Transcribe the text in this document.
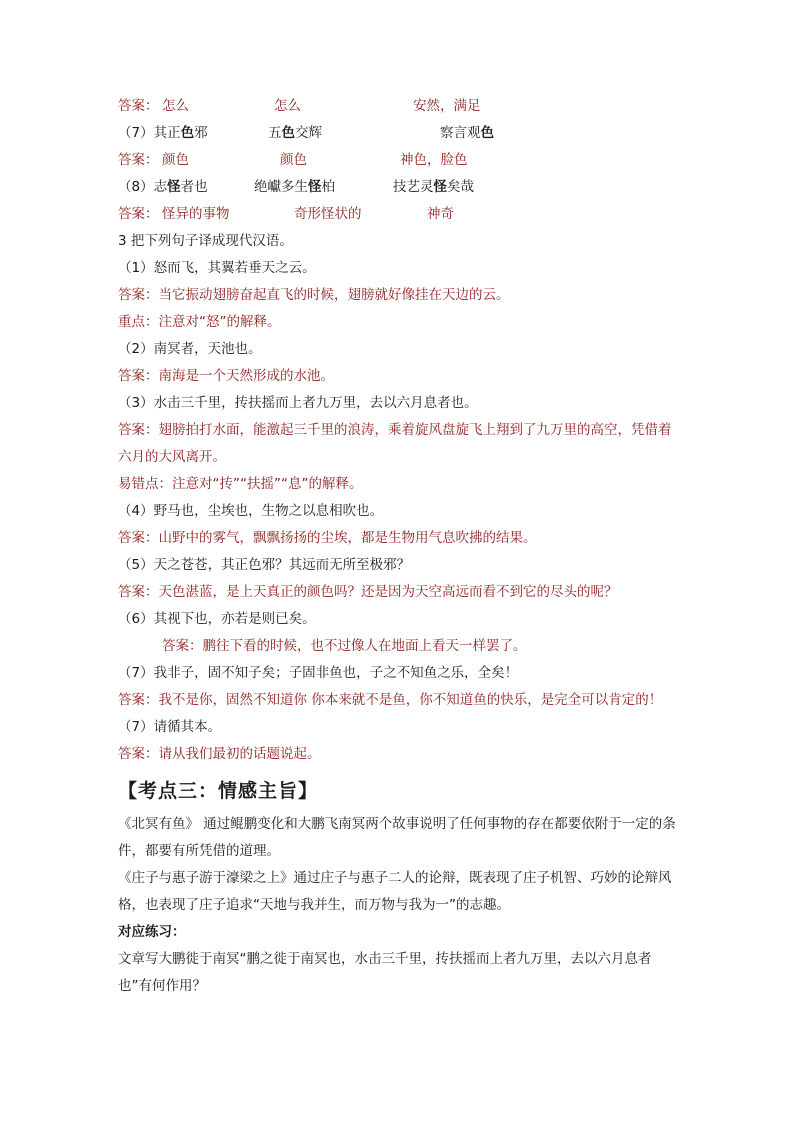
答案： 怎么	怎么	安然，满足
（7）其正色邪	五色交辉	察言观色
答案： 颜色	颜色	神色，脸色
（8）志怪者也	绝巘多生怪柏	技艺灵怪矣哉
答案： 怪异的事物	奇形怪状的	神奇
3 把下列句子译成现代汉语。
（1）怒而飞，其翼若垂天之云。
答案：当它振动翅膀奋起直飞的时候，翅膀就好像挂在天边的云。
重点：注意对“怒”的解释。
（2）南冥者，天池也。
答案：南海是一个天然形成的水池。
（3）水击三千里，抟扶摇而上者九万里，去以六月息者也。
答案：翅膀拍打水面，能激起三千里的浪涛，乘着旋风盘旋飞上翔到了九万里的高空，凭借着六月的大风离开。
易错点：注意对“抟”“扶摇”“息”的解释。
（4）野马也，尘埃也，生物之以息相吹也。
答案：山野中的雾气，飘飘扬扬的尘埃，都是生物用气息吹拂的结果。
（5）天之苍苍，其正色邪？其远而无所至极邪？
答案：天色湛蓝，是上天真正的颜色吗？还是因为天空高远而看不到它的尽头的呢？
（6）其视下也，亦若是则已矣。
答案：鹏往下看的时候，也不过像人在地面上看天一样罢了。
（7）我非子，固不知子矣；子固非鱼也，子之不知鱼之乐，全矣！
答案：我不是你，固然不知道你 你本来就不是鱼，你不知道鱼的快乐，是完全可以肯定的！
（7）请循其本。
答案：请从我们最初的话题说起。
【考点三：情感主旨】
《北冥有鱼》 通过鲲鹏变化和大鹏飞南冥两个故事说明了任何事物的存在都要依附于一定的条件，都要有所凭借的道理。
《庄子与惠子游于濠梁之上》通过庄子与惠子二人的论辩，既表现了庄子机智、巧妙的论辩风格，也表现了庄子追求“天地与我并生，而万物与我为一”的志趣。
对应练习：
文章写大鹏徙于南冥“鹏之徙于南冥也，水击三千里，抟扶摇而上者九万里，去以六月息者也”有何作用？
